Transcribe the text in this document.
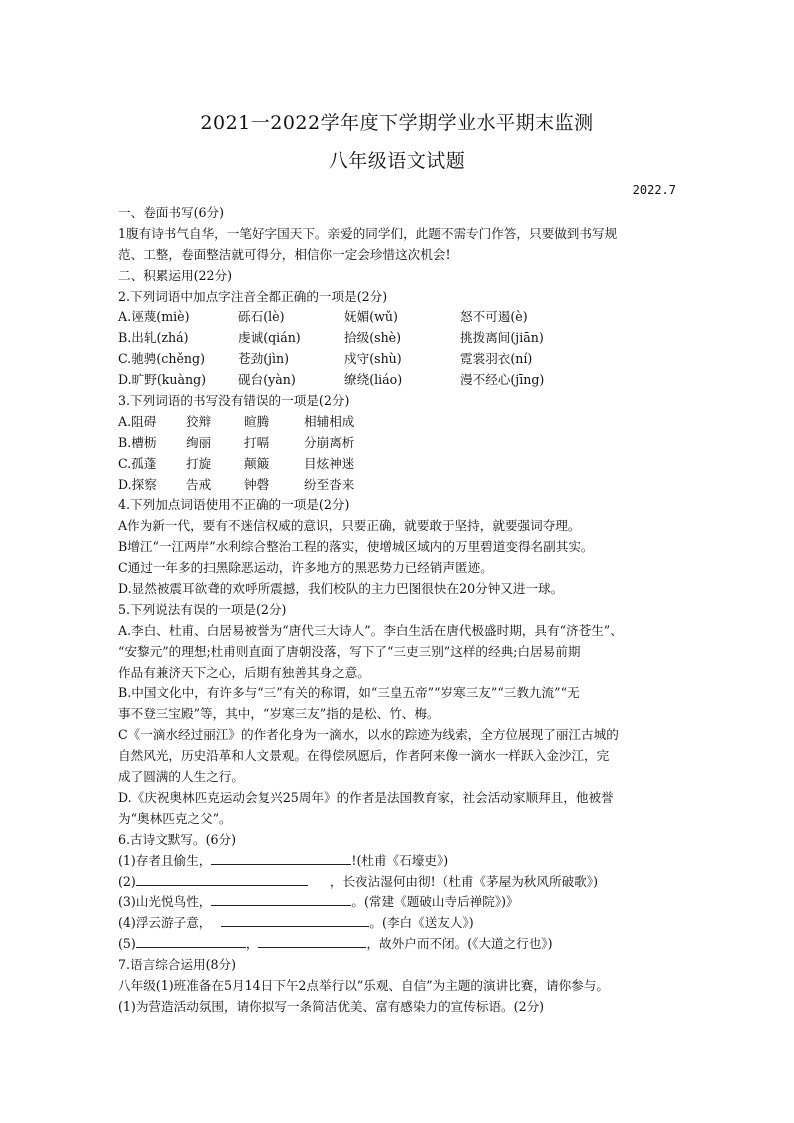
2021一2022学年度下学期学业水平期末监测
八年级语文试题
2022.7
一、卷面书写(6分)
1腹有诗书气自华，一笔好字国天下。亲爱的同学们，此题不需专门作答，只要做到书写规
范、工整，卷面整洁就可得分，相信你一定会珍惜这次机会!
二、积累运用(22分)
2.下列词语中加点字注音全都正确的一项是(2分)
A.诬蔑(miè)	砾石(lè)	妩媚(wǔ)	怒不可遏(è)
B.出轧(zhá)	虔诚(qián)	拾级(shè)	挑拨离间(jiān)
C.驰骋(chěng)	苍劲(jìn)	戍守(shù)	霓裳羽衣(ní)
D.旷野(kuàng)	砚台(yàn)	缭绕(liáo)	漫不经心(jīng)
3.下列词语的书写没有错误的一项是(2分)
A.阻碍 狡辩	暄腾	相辅相成
B.槽枥 绚丽	打嗝	分崩离析
C.孤蓬 打旋	颠簸	目炫神迷
D.探察 告戒	钟磬	纷至沓来
4.下列加点词语使用不正确的一项是(2分)
A作为新一代，要有不迷信权威的意识，只要正确，就要敢于坚持，就要强词夺理。
B增江“一江两岸”水利综合整治工程的落实，使增城区域内的万里碧道变得名副其实。
C通过一年多的扫黑除恶运动，许多地方的黑恶势力已经销声匿迹。
D.显然被震耳欲聋的欢呼所震撼，我们校队的主力巴图很快在20分钟又进一球。
5.下列说法有误的一项是(2分)
A.李白、杜甫、白居易被誉为“唐代三大诗人”。李白生活在唐代极盛时期，具有“济苍生”、
“安黎元”的理想;杜甫则直面了唐朝没落，写下了“三吏三别”这样的经典;白居易前期
作品有兼济天下之心，后期有独善其身之意。
B.中国文化中，有许多与“三”有关的称谓，如“三皇五帝”“岁寒三友”“三教九流”“无
事不登三宝殿”等，其中，“岁寒三友”指的是松、竹、梅。
C《一滴水经过丽江》的作者化身为一滴水，以水的踪迹为线索，全方位展现了丽江古城的
自然风光，历史沿革和人文景观。在得偿夙愿后，作者阿来像一滴水一样跃入金沙江，完
成了圆满的人生之行。
D.《庆祝奥林匹克运动会复兴25周年》的作者是法国教育家，社会活动家顺拜且，他被誉
为“奥林匹克之父”。
6.古诗文默写。(6分)
(1)存者且偷生，	!(杜甫《石壕吏》)
(2)	，长夜沾湿何由彻!（杜甫《茅屋为秋风所破歌》)
(3)山光悦鸟性，	。(常建《题破山寺后禅院》)》
(4)浮云游子意，	。(李白《送友人》)
(5)	，	，故外户而不闭。(《大道之行也》)
7.语言综合运用(8分)
八年级(1)班准备在5月14日下午2点举行以“乐观、自信”为主题的演讲比赛，请你参与。
(1)为营造活动氛围，请你拟写一条简洁优美、富有感染力的宣传标语。(2分)
